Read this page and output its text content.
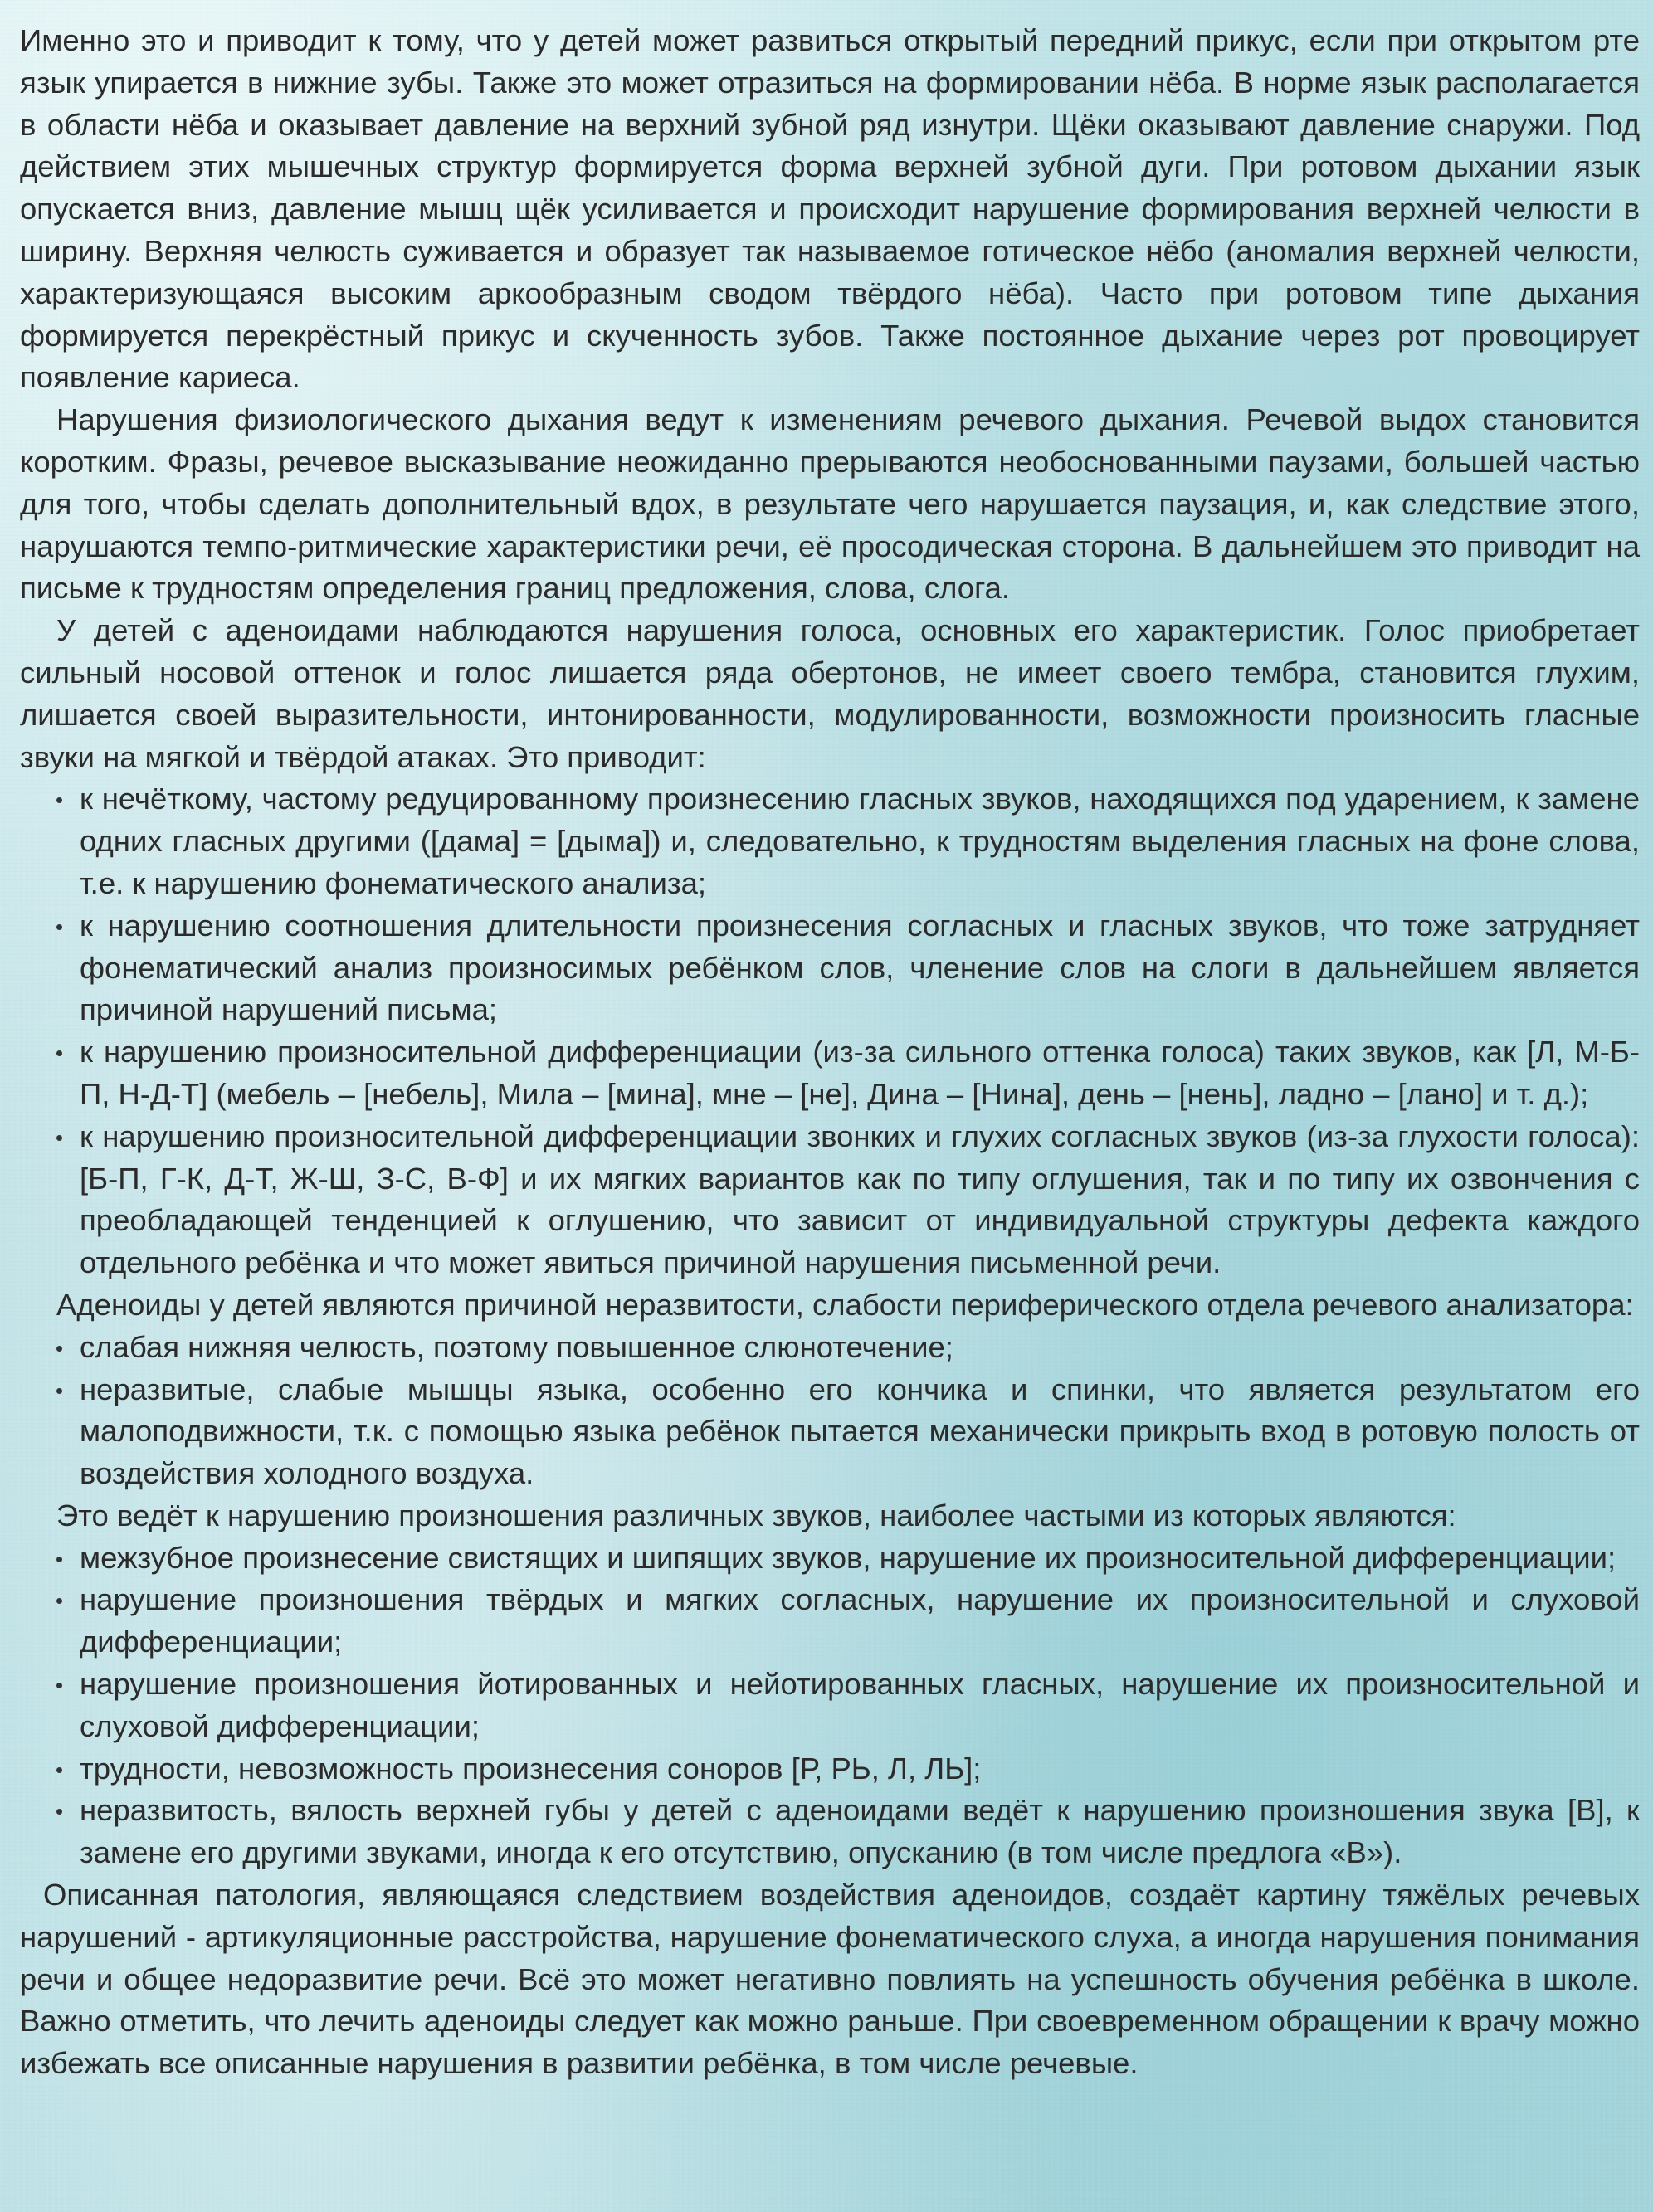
Именно это и приводит к тому, что у детей может развиться открытый передний прикус, если при открытом рте язык упирается в нижние зубы. Также это может отразиться на формировании нёба. В норме язык располагается в области нёба и оказывает давление на верхний зубной ряд изнутри. Щёки оказывают давление снаружи. Под действием этих мышечных структур формируется форма верхней зубной дуги. При ротовом дыхании язык опускается вниз, давление мышц щёк усиливается и происходит нарушение формирования верхней челюсти в ширину. Верхняя челюсть суживается и образует так называемое готическое нёбо (аномалия верхней челюсти, характеризующаяся высоким аркообразным сводом твёрдого нёба). Часто при ротовом типе дыхания формируется перекрёстный прикус и скученность зубов. Также постоянное дыхание через рот провоцирует появление кариеса.

Нарушения физиологического дыхания ведут к изменениям речевого дыхания. Речевой выдох становится коротким. Фразы, речевое высказывание неожиданно прерываются необоснованными паузами, большей частью для того, чтобы сделать дополнительный вдох, в результате чего нарушается паузация, и, как следствие этого, нарушаются темпо-ритмические характеристики речи, её просодическая сторона. В дальнейшем это приводит на письме к трудностям определения границ предложения, слова, слога.

У детей с аденоидами наблюдаются нарушения голоса, основных его характеристик. Голос приобретает сильный носовой оттенок и голос лишается ряда обертонов, не имеет своего тембра, становится глухим, лишается своей выразительности, интонированности, модулированности, возможности произносить гласные звуки на мягкой и твёрдой атаках. Это приводит:

к нечёткому, частому редуцированному произнесению гласных звуков, находящихся под ударением, к замене одних гласных другими ([дама] = [дыма]) и, следовательно, к трудностям выделения гласных на фоне слова, т.е. к нарушению фонематического анализа;
к нарушению соотношения длительности произнесения согласных и гласных звуков, что тоже затрудняет фонематический анализ произносимых ребёнком слов, членение слов на слоги в дальнейшем является причиной нарушений письма;
к нарушению произносительной дифференциации (из-за сильного оттенка голоса) таких звуков, как [Л, М-Б-П, Н-Д-Т] (мебель – [небель], Мила – [мина], мне – [не], Дина – [Нина], день – [нень], ладно – [лано] и т. д.);
к нарушению произносительной дифференциации звонких и глухих согласных звуков (из-за глухости голоса): [Б-П, Г-К, Д-Т, Ж-Ш, З-С, В-Ф] и их мягких вариантов как по типу оглушения, так и по типу их озвончения с преобладающей тенденцией к оглушению, что зависит от индивидуальной структуры дефекта каждого отдельного ребёнка и что может явиться причиной нарушения письменной речи.

Аденоиды у детей являются причиной неразвитости, слабости периферического отдела речевого анализатора:

слабая нижняя челюсть, поэтому повышенное слюнотечение;
неразвитые, слабые мышцы языка, особенно его кончика и спинки, что является результатом его малоподвижности, т.к. с помощью языка ребёнок пытается механически прикрыть вход в ротовую полость от воздействия холодного воздуха.

Это ведёт к нарушению произношения различных звуков, наиболее частыми из которых являются:

межзубное произнесение свистящих и шипящих звуков, нарушение их произносительной дифференциации;
нарушение произношения твёрдых и мягких согласных, нарушение их произносительной и слуховой дифференциации;
нарушение произношения йотированных и нейотированных гласных, нарушение их произносительной и слуховой дифференциации;
трудности, невозможность произнесения соноров [Р, РЬ, Л, ЛЬ];
неразвитость, вялость верхней губы у детей с аденоидами ведёт к нарушению произношения звука [В], к замене его другими звуками, иногда к его отсутствию, опусканию (в том числе предлога «В»).

Описанная патология, являющаяся следствием воздействия аденоидов, создаёт картину тяжёлых речевых нарушений - артикуляционные расстройства, нарушение фонематического слуха, а иногда нарушения понимания речи и общее недоразвитие речи. Всё это может негативно повлиять на успешность обучения ребёнка в школе. Важно отметить, что лечить аденоиды следует как можно раньше. При своевременном обращении к врачу можно избежать все описанные нарушения в развитии ребёнка, в том числе речевые.
